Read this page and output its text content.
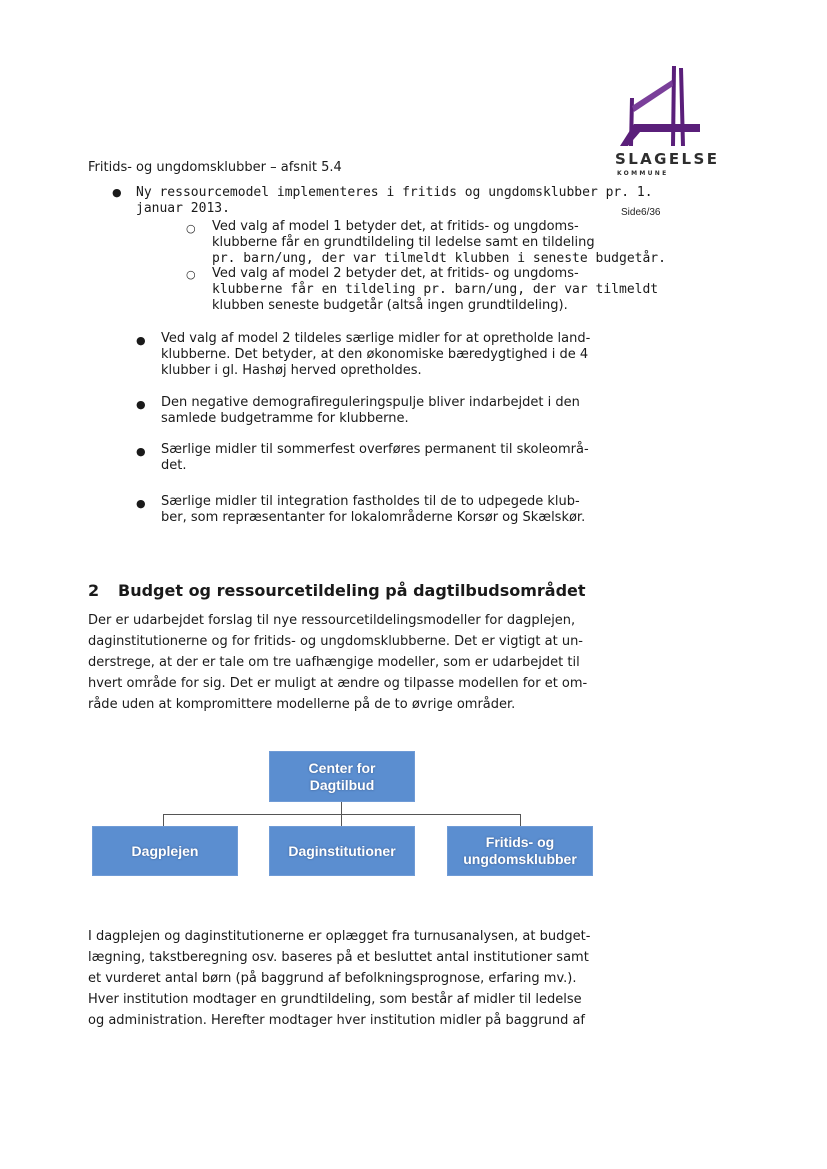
SLAGELSE
KOMMUNE
Side6/36
Fritids- og ungdomsklubber – afsnit 5.4
● Ny ressourcemodel implementeres i fritids og ungdomsklubber pr. 1.
januar 2013.
○ Ved valg af model 1 betyder det, at fritids- og ungdoms-
klubberne får en grundtildeling til ledelse samt en tildeling
pr. barn/ung, der var tilmeldt klubben i seneste budgetår.
○ Ved valg af model 2 betyder det, at fritids- og ungdoms-
klubberne får en tildeling pr. barn/ung, der var tilmeldt
klubben seneste budgetår (altså ingen grundtildeling).
● Ved valg af model 2 tildeles særlige midler for at opretholde land-
klubberne. Det betyder, at den økonomiske bæredygtighed i de 4
klubber i gl. Hashøj herved opretholdes.
● Den negative demografireguleringspulje bliver indarbejdet i den
samlede budgetramme for klubberne.
● Særlige midler til sommerfest overføres permanent til skoleområ-
det.
● Særlige midler til integration fastholdes til de to udpegede klub-
ber, som repræsentanter for lokalområderne Korsør og Skælskør.
2 Budget og ressourcetildeling på dagtilbudsområdet
Der er udarbejdet forslag til nye ressourcetildelingsmodeller for dagplejen,
daginstitutionerne og for fritids- og ungdomsklubberne. Det er vigtigt at un-
derstrege, at der er tale om tre uafhængige modeller, som er udarbejdet til
hvert område for sig. Det er muligt at ændre og tilpasse modellen for et om-
råde uden at kompromittere modellerne på de to øvrige områder.
Center for
Dagtilbud
Dagplejen	Daginstitutioner
Fritids- og
ungdomsklubber
I dagplejen og daginstitutionerne er oplægget fra turnusanalysen, at budget-
lægning, takstberegning osv. baseres på et besluttet antal institutioner samt
et vurderet antal børn (på baggrund af befolkningsprognose, erfaring mv.).
Hver institution modtager en grundtildeling, som består af midler til ledelse
og administration. Herefter modtager hver institution midler på baggrund af
